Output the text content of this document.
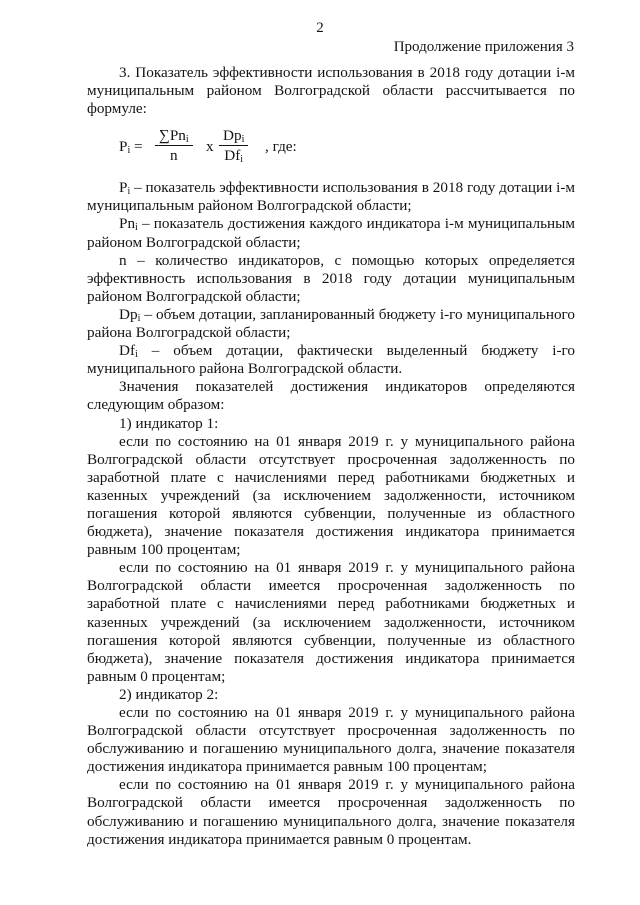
2
Продолжение приложения 3

3. Показатель эффективности использования в 2018 году дотации i-м муниципальным районом Волгоградской области рассчитывается по формуле:

$P_i$ =
$\sum Pn_i$
n
x
$Dp_i$
$Df_i$
, где:

$P_i$ – показатель эффективности использования в 2018 году дотации i-м муниципальным районом Волгоградской области;

$Pn_i$ – показатель достижения каждого индикатора i-м муниципальным районом Волгоградской области;

n – количество индикаторов, с помощью которых определяется эффективность использования в 2018 году дотации муниципальным районом Волгоградской области;

$Dp_i$ – объем дотации, запланированный бюджету i-го муниципального района Волгоградской области;

$Df_i$ – объем дотации, фактически выделенный бюджету i-го муниципального района Волгоградской области.

Значения показателей достижения индикаторов определяются следующим образом:

1) индикатор 1:

если по состоянию на 01 января 2019 г. у муниципального района Волгоградской области отсутствует просроченная задолженность по заработной плате с начислениями перед работниками бюджетных и казенных учреждений (за исключением задолженности, источником погашения которой являются субвенции, полученные из областного бюджета), значение показателя достижения индикатора принимается равным 100 процентам;

если по состоянию на 01 января 2019 г. у муниципального района Волгоградской области имеется просроченная задолженность по заработной плате с начислениями перед работниками бюджетных и казенных учреждений (за исключением задолженности, источником погашения которой являются субвенции, полученные из областного бюджета), значение показателя достижения индикатора принимается равным 0 процентам;

2) индикатор 2:

если по состоянию на 01 января 2019 г. у муниципального района Волгоградской области отсутствует просроченная задолженность по обслуживанию и погашению муниципального долга, значение показателя достижения индикатора принимается равным 100 процентам;

если по состоянию на 01 января 2019 г. у муниципального района Волгоградской области имеется просроченная задолженность по обслуживанию и погашению муниципального долга, значение показателя достижения индикатора принимается равным 0 процентам.
